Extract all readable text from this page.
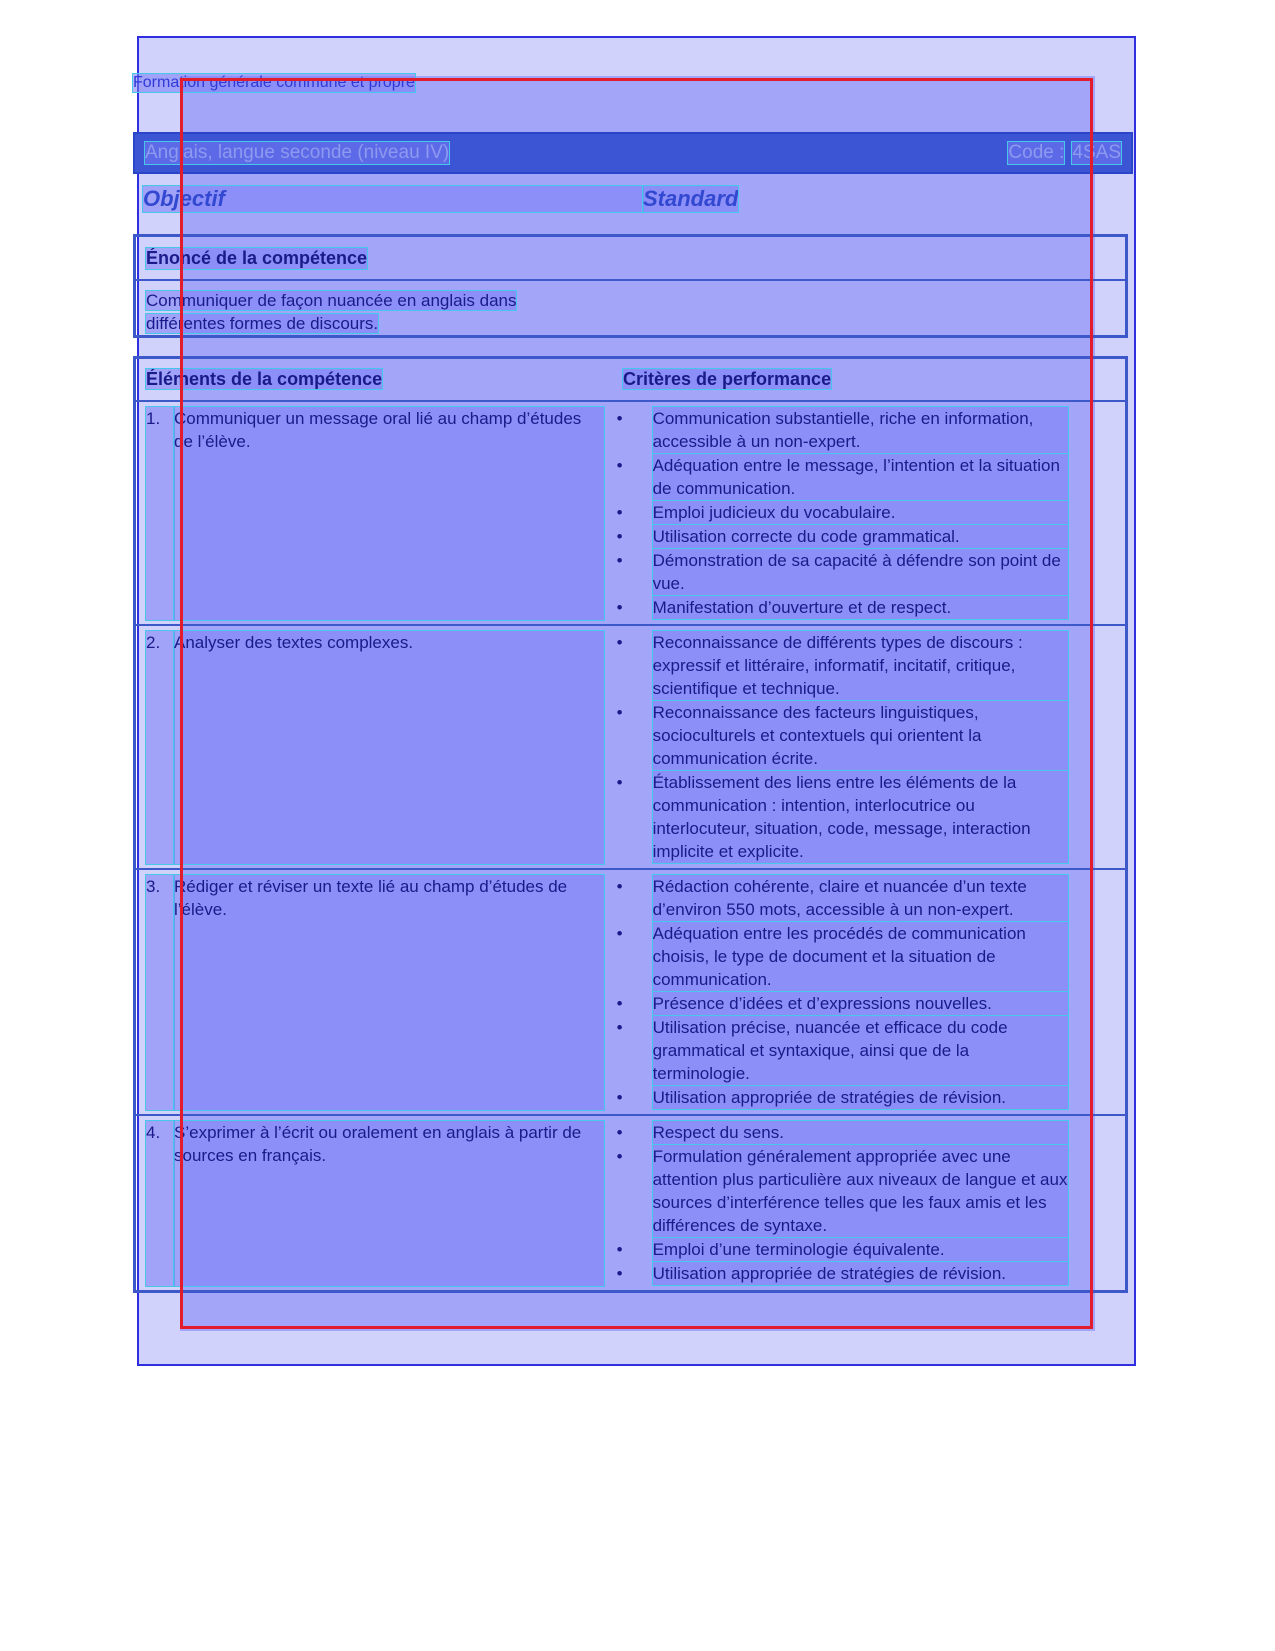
Formation générale commune et propre
Anglais, langue seconde (niveau IV)	Code : 4SAS
Objectif	Standard
Énoncé de la compétence
Communiquer de façon nuancée en anglais dans différentes formes de discours.
Éléments de la compétence	Critères de performance
1. Communiquer un message oral lié au champ d’études de l’élève.
•	Communication substantielle, riche en information, accessible à un non-expert.
•	Adéquation entre le message, l’intention et la situation de communication.
•	Emploi judicieux du vocabulaire.
•	Utilisation correcte du code grammatical.
•	Démonstration de sa capacité à défendre son point de vue.
•	Manifestation d’ouverture et de respect.
2. Analyser des textes complexes.	•	Reconnaissance de différents types de discours : expressif et littéraire, informatif, incitatif, critique, scientifique et technique.
•	Reconnaissance des facteurs linguistiques, socioculturels et contextuels qui orientent la communication écrite.
•	Établissement des liens entre les éléments de la communication : intention, interlocutrice ou interlocuteur, situation, code, message, interaction implicite et explicite.
3. Rédiger et réviser un texte lié au champ d’études de l’élève.
•	Rédaction cohérente, claire et nuancée d’un texte d’environ 550 mots, accessible à un non-expert.
•	Adéquation entre les procédés de communication choisis, le type de document et la situation de communication.
•	Présence d’idées et d’expressions nouvelles.
•	Utilisation précise, nuancée et efficace du code grammatical et syntaxique, ainsi que de la terminologie.
•	Utilisation appropriée de stratégies de révision.
4. S’exprimer à l’écrit ou oralement en anglais à partir de sources en français.
•	Respect du sens.
•	Formulation généralement appropriée avec une attention plus particulière aux niveaux de langue et aux sources d’interférence telles que les faux amis et les différences de syntaxe.
•	Emploi d’une terminologie équivalente.
•	Utilisation appropriée de stratégies de révision.
